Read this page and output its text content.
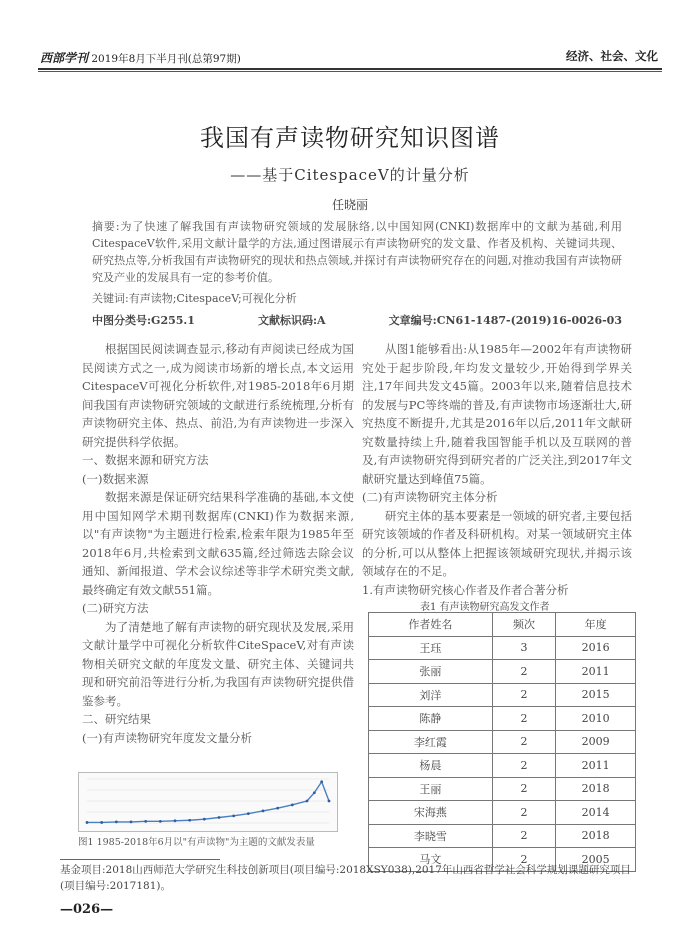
西部学刊 2019年8月下半月刊(总第97期)	经济、社会、文化
我国有声读物研究知识图谱
——基于CitespaceV的计量分析
任晓丽
摘要:为了快速了解我国有声读物研究领域的发展脉络,以中国知网(CNKI)数据库中的文献为基础,利用CitespaceV软件,采用文献计量学的方法,通过图谱展示有声读物研究的发文量、作者及机构、关键词共现、研究热点等,分析我国有声读物研究的现状和热点领域,并探讨有声读物研究存在的问题,对推动我国有声读物研究及产业的发展具有一定的参考价值。
关键词:有声读物;CitespaceV;可视化分析
中图分类号:G255.1	文献标识码:A	文章编号:CN61-1487-(2019)16-0026-03

根据国民阅读调查显示,移动有声阅读已经成为国民阅读方式之一,成为阅读市场新的增长点,本文运用CitespaceV可视化分析软件,对1985-2018年6月期间我国有声读物研究领域的文献进行系统梳理,分析有声读物研究主体、热点、前沿,为有声读物进一步深入研究提供科学依据。

一、数据来源和研究方法

(一)数据来源

数据来源是保证研究结果科学准确的基础,本文使用中国知网学术期刊数据库(CNKI)作为数据来源,以"有声读物"为主题进行检索,检索年限为1985年至2018年6月,共检索到文献635篇,经过筛选去除会议通知、新闻报道、学术会议综述等非学术研究类文献,最终确定有效文献551篇。

(二)研究方法

为了清楚地了解有声读物的研究现状及发展,采用文献计量学中可视化分析软件CiteSpaceV,对有声读物相关研究文献的年度发文量、研究主体、关键词共现和研究前沿等进行分析,为我国有声读物研究提供借鉴参考。

二、研究结果

(一)有声读物研究年度发文量分析

图1 1985-2018年6月以"有声读物"为主题的文献发表量

从图1能够看出:从1985年—2002年有声读物研究处于起步阶段,年均发文量较少,开始得到学界关注,17年间共发文45篇。2003年以来,随着信息技术的发展与PC等终端的普及,有声读物市场逐渐壮大,研究热度不断提升,尤其是2016年以后,2011年文献研究数量持续上升,随着我国智能手机以及互联网的普及,有声读物研究得到研究者的广泛关注,到2017年文献研究量达到峰值75篇。

(二)有声读物研究主体分析

研究主体的基本要素是一领域的研究者,主要包括研究该领域的作者及科研机构。对某一领域研究主体的分析,可以从整体上把握该领域研究现状,并揭示该领域存在的不足。

1.有声读物研究核心作者及作者合著分析

表1 有声读物研究高发文作者
作者姓名	频次	年度
王珏	3	2016
张丽	2	2011
刘洋	2	2015
陈静	2	2010
李红霞	2	2009
杨晨	2	2011
王丽	2	2018
宋海燕	2	2014
李晓雪	2	2018
马文	2	2005
基金项目:2018山西师范大学研究生科技创新项目(项目编号:2018XSY038),2017年山西省哲学社会科学规划课题研究项目(项目编号:2017181)。
—026—
